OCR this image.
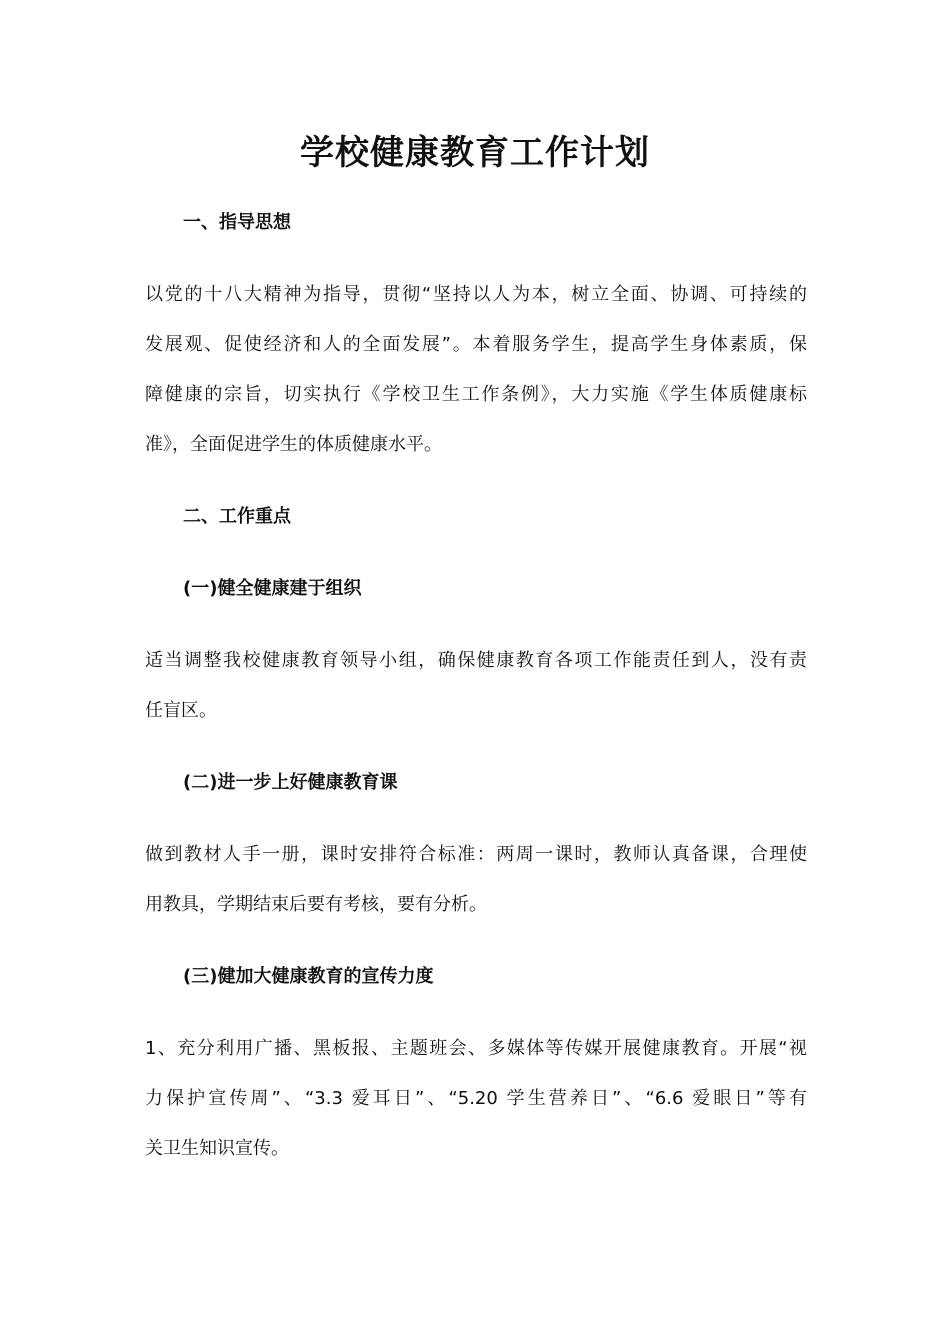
学校健康教育工作计划
一、指导思想
以党的十八大精神为指导，贯彻“坚持以人为本，树立全面、协调、可持续的
发展观、促使经济和人的全面发展”。本着服务学生，提高学生身体素质，保
障健康的宗旨，切实执行《学校卫生工作条例》，大力实施《学生体质健康标
准》，全面促进学生的体质健康水平。
二、工作重点
(一)健全健康建于组织
适当调整我校健康教育领导小组，确保健康教育各项工作能责任到人，没有责
任盲区。
(二)进一步上好健康教育课
做到教材人手一册，课时安排符合标准：两周一课时，教师认真备课，合理使
用教具，学期结束后要有考核，要有分析。
(三)健加大健康教育的宣传力度
1、充分利用广播、黑板报、主题班会、多媒体等传媒开展健康教育。开展“视
力保护宣传周”、“3.3 爱耳日”、“5.20 学生营养日”、“6.6 爱眼日”等有
关卫生知识宣传。
